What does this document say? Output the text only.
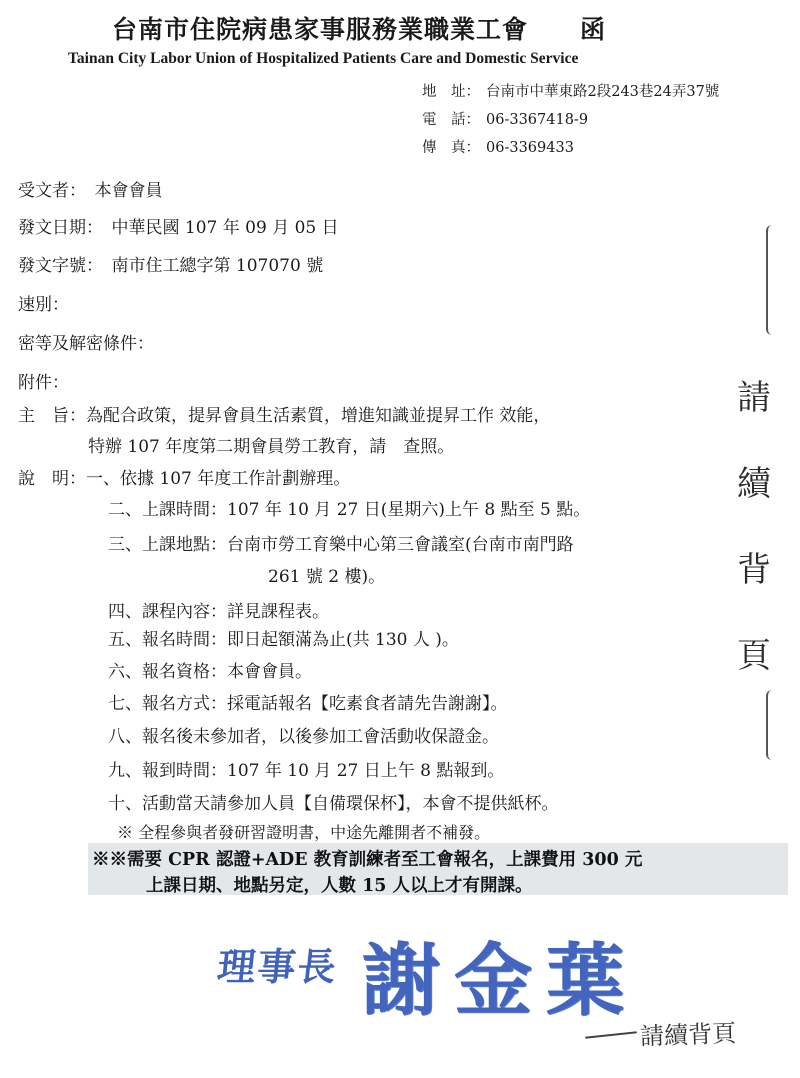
台南市住院病患家事服務業職業工會　　函
Tainan City Labor Union of Hospitalized Patients Care and Domestic Service
地　址： 台南市中華東路2段243巷24弄37號
電　話： 06-3367418-9
傳　真： 06-3369433
受文者：　本會會員
發文日期：　中華民國 107 年 09 月 05 日
發文字號：　南市住工總字第 107070 號
速別：
密等及解密條件：
附件：
主　旨：為配合政策，提昇會員生活素質，增進知識並提昇工作 效能，
特辦 107 年度第二期會員勞工教育，請　查照。
說　明：一、依據 107 年度工作計劃辦理。
二、上課時間：107 年 10 月 27 日(星期六)上午 8 點至 5 點。
三、上課地點：台南市勞工育樂中心第三會議室(台南市南門路
261 號 2 樓)。
四、課程內容：詳見課程表。
五、報名時間：即日起額滿為止(共 130 人 )。
六、報名資格：本會會員。
七、報名方式：採電話報名【吃素食者請先告謝謝】。
八、報名後未參加者，以後參加工會活動收保證金。
九、報到時間：107 年 10 月 27 日上午 8 點報到。
十、活動當天請參加人員【自備環保杯】，本會不提供紙杯。
※ 全程參與者發研習證明書，中途先離開者不補發。
※※需要 CPR 認證+ADE 教育訓練者至工會報名，上課費用 300 元
上課日期、地點另定，人數 15 人以上才有開課。
理事長 謝金葉
請
續
背
頁
請續背頁
